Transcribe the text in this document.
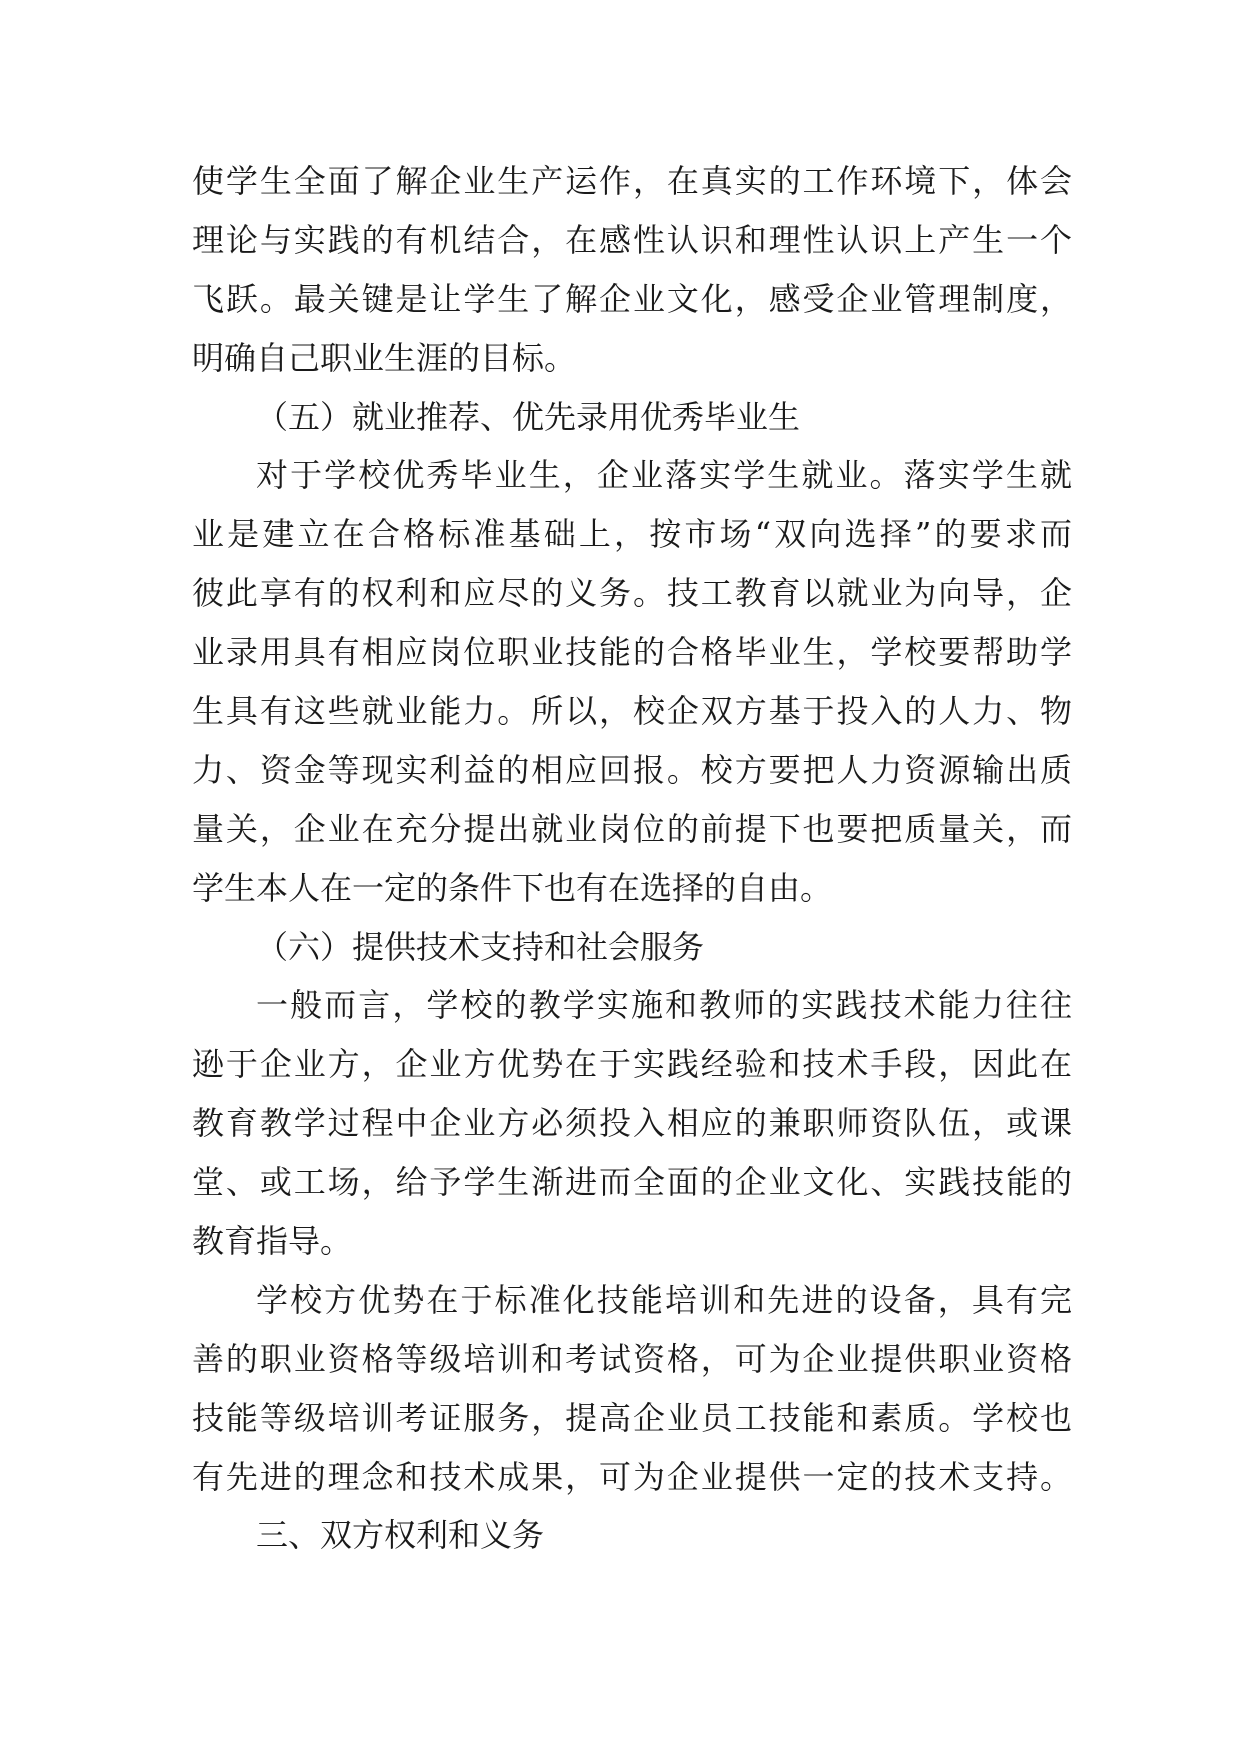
使学生全面了解企业生产运作，在真实的工作环境下，体会
理论与实践的有机结合，在感性认识和理性认识上产生一个
飞跃。最关键是让学生了解企业文化，感受企业管理制度，
明确自己职业生涯的目标。
（五）就业推荐、优先录用优秀毕业生
对于学校优秀毕业生，企业落实学生就业。落实学生就
业是建立在合格标准基础上，按市场“双向选择”的要求而
彼此享有的权利和应尽的义务。技工教育以就业为向导，企
业录用具有相应岗位职业技能的合格毕业生，学校要帮助学
生具有这些就业能力。所以，校企双方基于投入的人力、物
力、资金等现实利益的相应回报。校方要把人力资源输出质
量关，企业在充分提出就业岗位的前提下也要把质量关，而
学生本人在一定的条件下也有在选择的自由。
（六）提供技术支持和社会服务
一般而言，学校的教学实施和教师的实践技术能力往往
逊于企业方，企业方优势在于实践经验和技术手段，因此在
教育教学过程中企业方必须投入相应的兼职师资队伍，或课
堂、或工场，给予学生渐进而全面的企业文化、实践技能的
教育指导。
学校方优势在于标准化技能培训和先进的设备，具有完
善的职业资格等级培训和考试资格，可为企业提供职业资格
技能等级培训考证服务，提高企业员工技能和素质。学校也
有先进的理念和技术成果，可为企业提供一定的技术支持。
三、双方权利和义务
